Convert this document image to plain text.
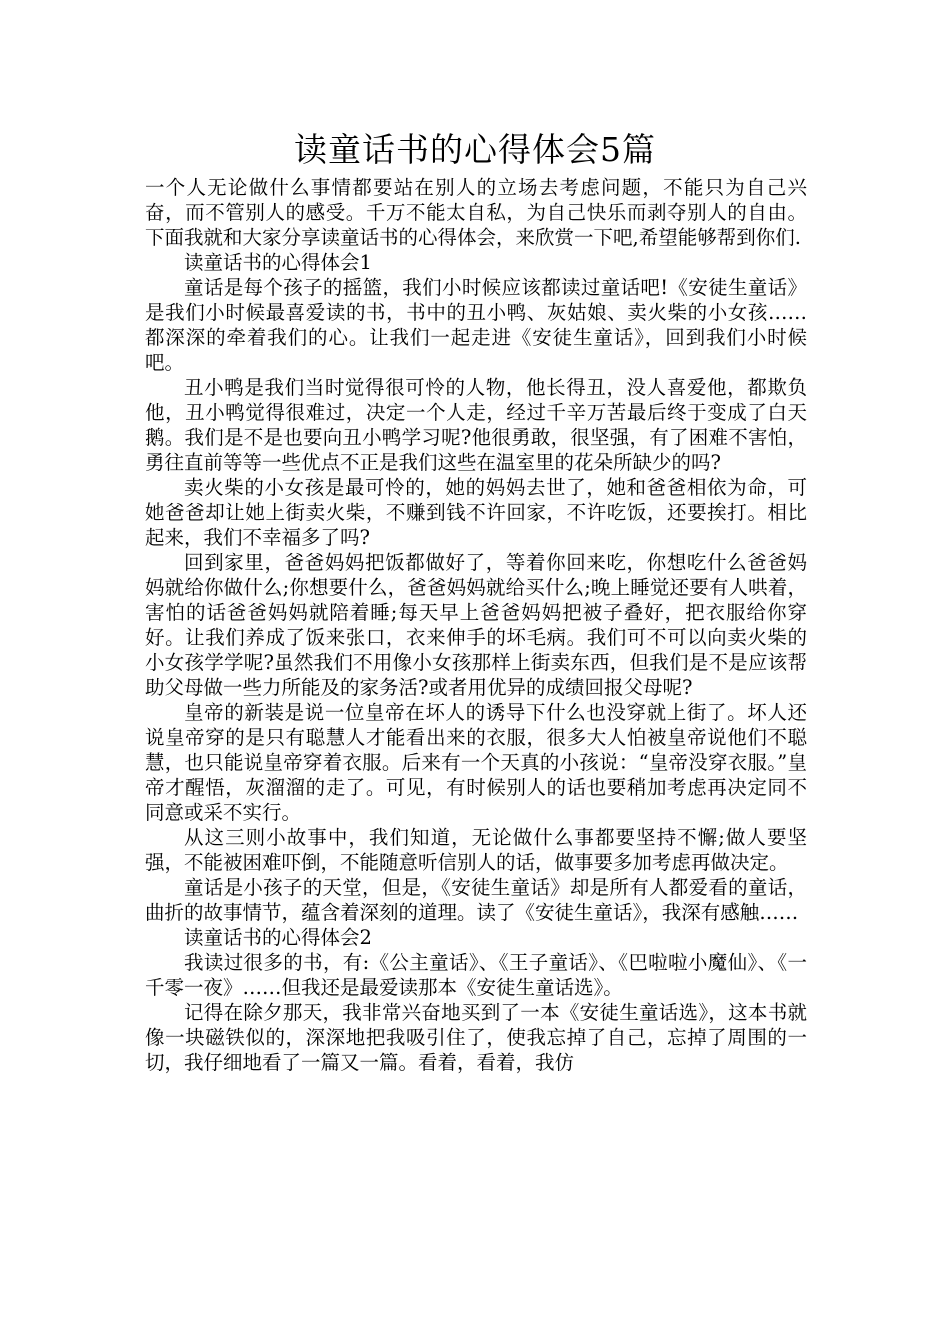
读童话书的心得体会5篇

一个人无论做什么事情都要站在别人的立场去考虑问题，不能只为自己兴奋，而不管别人的感受。千万不能太自私，为自己快乐而剥夺别人的自由。下面我就和大家分享读童话书的心得体会，来欣赏一下吧,希望能够帮到你们.

读童话书的心得体会1

童话是每个孩子的摇篮，我们小时候应该都读过童话吧!《安徒生童话》是我们小时候最喜爱读的书，书中的丑小鸭、灰姑娘、卖火柴的小女孩……都深深的牵着我们的心。让我们一起走进《安徒生童话》，回到我们小时候吧。

丑小鸭是我们当时觉得很可怜的人物，他长得丑，没人喜爱他，都欺负他，丑小鸭觉得很难过，决定一个人走，经过千辛万苦最后终于变成了白天鹅。我们是不是也要向丑小鸭学习呢?他很勇敢，很坚强，有了困难不害怕，勇往直前等等一些优点不正是我们这些在温室里的花朵所缺少的吗?

卖火柴的小女孩是最可怜的，她的妈妈去世了，她和爸爸相依为命，可她爸爸却让她上街卖火柴，不赚到钱不许回家，不许吃饭，还要挨打。相比起来，我们不幸福多了吗?

回到家里，爸爸妈妈把饭都做好了，等着你回来吃，你想吃什么爸爸妈妈就给你做什么;你想要什么，爸爸妈妈就给买什么;晚上睡觉还要有人哄着，害怕的话爸爸妈妈就陪着睡;每天早上爸爸妈妈把被子叠好，把衣服给你穿好。让我们养成了饭来张口，衣来伸手的坏毛病。我们可不可以向卖火柴的小女孩学学呢?虽然我们不用像小女孩那样上街卖东西，但我们是不是应该帮助父母做一些力所能及的家务活?或者用优异的成绩回报父母呢?

皇帝的新装是说一位皇帝在坏人的诱导下什么也没穿就上街了。坏人还说皇帝穿的是只有聪慧人才能看出来的衣服，很多大人怕被皇帝说他们不聪慧，也只能说皇帝穿着衣服。后来有一个天真的小孩说：“皇帝没穿衣服。”皇帝才醒悟，灰溜溜的走了。可见，有时候别人的话也要稍加考虑再决定同不同意或采不实行。

从这三则小故事中，我们知道，无论做什么事都要坚持不懈;做人要坚强，不能被困难吓倒，不能随意听信别人的话，做事要多加考虑再做决定。

童话是小孩子的天堂，但是，《安徒生童话》却是所有人都爱看的童话，曲折的故事情节，蕴含着深刻的道理。读了《安徒生童话》，我深有感触……

读童话书的心得体会2

我读过很多的书，有:《公主童话》、《王子童话》、《巴啦啦小魔仙》、《一千零一夜》……但我还是最爱读那本《安徒生童话选》。

记得在除夕那天，我非常兴奋地买到了一本《安徒生童话选》，这本书就像一块磁铁似的，深深地把我吸引住了，使我忘掉了自己，忘掉了周围的一切，我仔细地看了一篇又一篇。看着，看着，我仿
